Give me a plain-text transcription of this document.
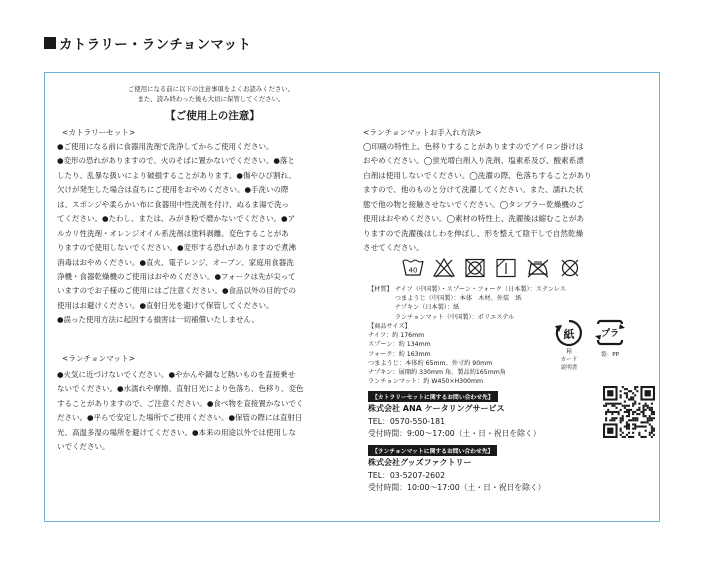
カトラリー・ランチョンマット
ご使用になる前に以下の注意事項をよくお読みください。
また、読み終わった後も大切に保管してください。
【ご使用上の注意】
<カトラリーセット>
●ご使用になる前に食器用洗剤で洗浄してからご使用ください。
●変形の恐れがありますので、火のそばに置かないでください。●落と
したり、乱暴な扱いにより破損することがあります。●傷やひび割れ、
欠けが発生した場合は直ちにご使用をおやめください。●手洗いの際
は、スポンジや柔らかい布に食器用中性洗剤を付け、ぬるま湯で洗っ
てください。●たわし、または、みがき粉で磨かないでください。●ア
ルカリ性洗剤・オレンジオイル系洗剤は塗料剥離、変色することがあ
りますので使用しないでください。●変形する恐れがありますので煮沸
消毒はおやめください。●直火、電子レンジ、オーブン、家庭用食器洗
浄機・食器乾燥機のご使用はおやめください。●フォークは先が尖って
いますのでお子様のご使用にはご注意ください。●食品以外の目的での
使用はお避けください。●直射日光を避けて保管してください。
●誤った使用方法に起因する損害は一切補償いたしません。
<ランチョンマット>
●火気に近づけないでください。●やかんや鍋など熱いものを直接乗せ
ないでください。●水濡れや摩擦、直射日光により色落ち、色移り、変色
することがありますので、ご注意ください。●食べ物を直接置かないでく
ださい。●平らで安定した場所でご使用ください。●保管の際には直射日
光、高温多湿の場所を避けてください。●本来の用途以外では使用しな
いでください。
<ランチョンマットお手入れ方法>
◯印刷の特性上、色移りすることがありますのでアイロン掛けは
おやめください。◯蛍光増白剤入り洗剤、塩素系及び、酸素系漂
白剤は使用しないでください。◯洗濯の際、色落ちすることがあり
ますので、他のものと分けて洗濯してください。また、濡れた状
態で他の物と接触させないでください。◯タンブラー乾燥機のご
使用はおやめください。◯素材の特性上、洗濯後は縮むことがあ
りますので洗濯後はしわを伸ばし、形を整えて陰干しで自然乾燥
させてください。
40
【材質】 ナイフ（中国製）・スプーン・フォーク（日本製）：ステンレス
　　　　 つまようじ（中国製）：本体　木材、外装　紙
　　　　 ナプキン（日本製）：紙
　　　　 ランチョンマット（中国製）：ポリエステル
【商品サイズ】
ナイフ：約 176mm
スプーン：約 134mm
フォーク：約 163mm
つまようじ：本体約 65mm、外寸約 90mm
ナプキン：展開約 330mm 角、製品約165mm角
ランチョンマット：約 W450×H300mm
紙
箱
カード
説明書
プラ
袋：PP
【カトラリーセットに関するお問い合わせ先】
株式会社 ANA ケータリングサービス
TEL：0570-550-181
受付時間：9:00～17:00（土・日・祝日を除く）
【ランチョンマットに関するお問い合わせ先】
株式会社グッズファクトリー
TEL：03-5207-2602
受付時間：10:00～17:00（土・日・祝日を除く）
